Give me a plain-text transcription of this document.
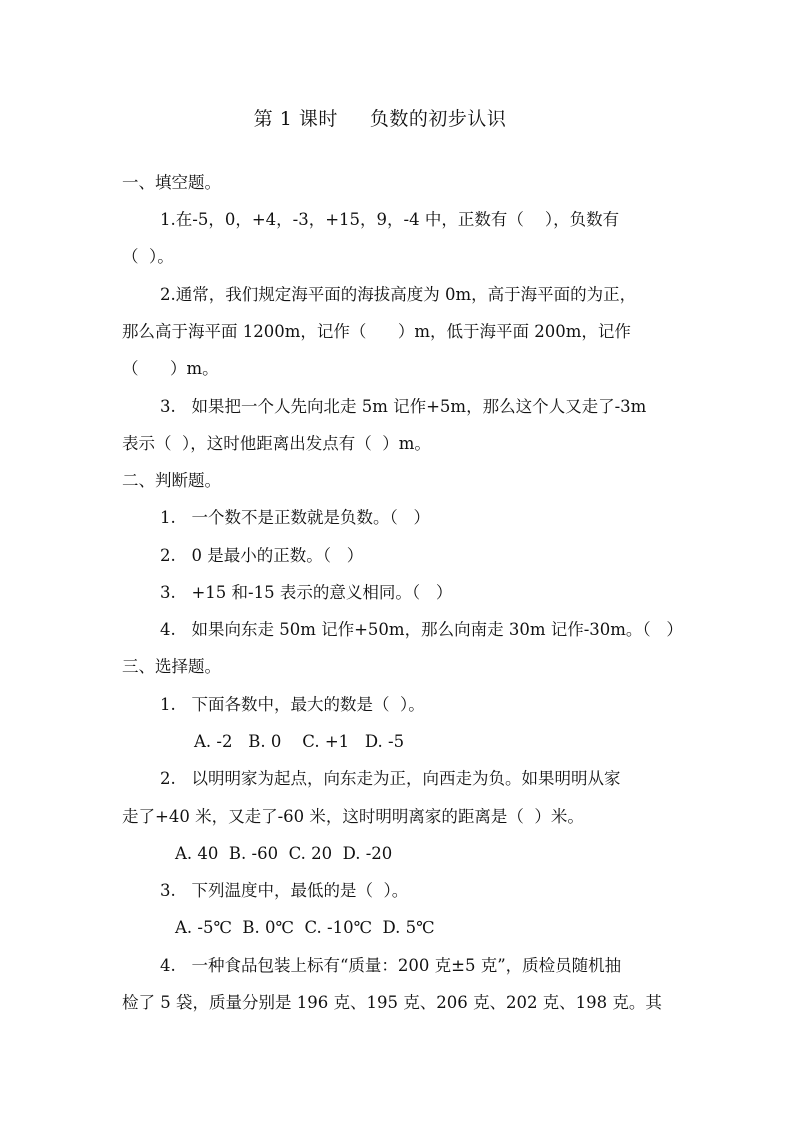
第 1 课时 负数的初步认识
一、填空题。
1.在-5，0，+4，-3，+15，9，-4 中，正数有（    ），负数有
（  ）。
2.通常，我们规定海平面的海拔高度为 0m，高于海平面的为正，
那么高于海平面 1200m，记作（      ）m，低于海平面 200m，记作
（      ）m。
3.   如果把一个人先向北走 5m 记作+5m，那么这个人又走了-3m
表示（  ），这时他距离出发点有（  ）m。
二、判断题。
1.   一个数不是正数就是负数。（   ）
2.   0 是最小的正数。（   ）
3.   +15 和-15 表示的意义相同。（   ）
4.   如果向东走 50m 记作+50m，那么向南走 30m 记作-30m。（   ）
三、选择题。
1.   下面各数中，最大的数是（  ）。
A. -2   B. 0    C. +1   D. -5
2.   以明明家为起点，向东走为正，向西走为负。如果明明从家
走了+40 米，又走了-60 米，这时明明离家的距离是（  ）米。
A. 40  B. -60  C. 20  D. -20
3.   下列温度中，最低的是（  ）。
A. -5℃  B. 0℃  C. -10℃  D. 5℃
4.   一种食品包装上标有“质量：200 克±5 克”，质检员随机抽
检了 5 袋，质量分别是 196 克、195 克、206 克、202 克、198 克。其
